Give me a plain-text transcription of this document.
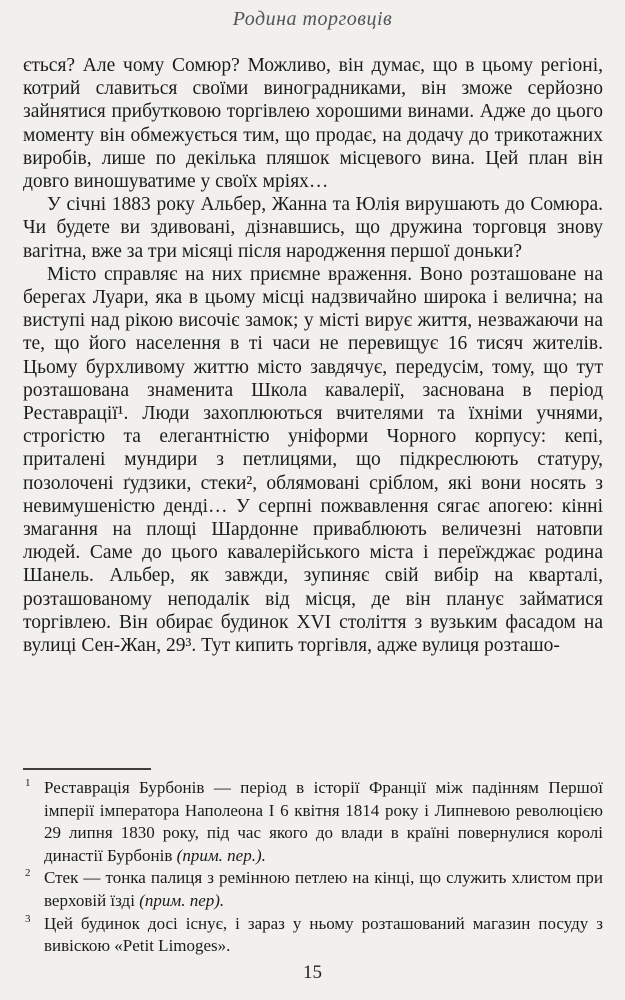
Родина торговців

ється? Але чому Сомюр? Можливо, він думає, що в цьому регіоні, котрий славиться своїми виноградниками, він зможе серйозно зайнятися прибутковою торгівлею хорошими винами. Адже до цього моменту він обмежується тим, що продає, на додачу до трикотажних виробів, лише по декілька пляшок місцевого вина. Цей план він довго виношуватиме у своїх мріях…

У січні 1883 року Альбер, Жанна та Юлія вирушають до Сомюра. Чи будете ви здивовані, дізнавшись, що дружина торговця знову вагітна, вже за три місяці після народження першої доньки?

Місто справляє на них приємне враження. Воно розташоване на берегах Луари, яка в цьому місці надзвичайно широка і велична; на виступі над рікою височіє замок; у місті вирує життя, незважаючи на те, що його населення в ті часи не перевищує 16 тисяч жителів. Цьому бурхливому життю місто завдячує, передусім, тому, що тут розташована знаменита Школа кавалерії, заснована в період Реставрації¹. Люди захоплюються вчителями та їхніми учнями, строгістю та елегантністю уніформи Чорного корпусу: кепі, приталені мундири з петлицями, що підкреслюють статуру, позолочені ґудзики, стеки², облямовані сріблом, які вони носять з невимушеністю денді… У серпні пожвавлення сягає апогею: кінні змагання на площі Шардонне приваблюють величезні натовпи людей. Саме до цього кавалерійського міста і переїжджає родина Шанель. Альбер, як завжди, зупиняє свій вибір на кварталі, розташованому неподалік від місця, де він планує займатися торгівлею. Він обирає будинок XVI століття з вузьким фасадом на вулиці Сен-Жан, 29³. Тут кипить торгівля, адже вулиця розташо-

1 Реставрація Бурбонів — період в історії Франції між падінням Першої імперії імператора Наполеона I 6 квітня 1814 року і Липневою революцією 29 липня 1830 року, під час якого до влади в країні повернулися королі династії Бурбонів (прим. пер.).
2 Стек — тонка палиця з ремінною петлею на кінці, що служить хлистом при верховій їзді (прим. пер).
3 Цей будинок досі існує, і зараз у ньому розташований магазин посуду з вивіскою «Petit Limoges».
15
